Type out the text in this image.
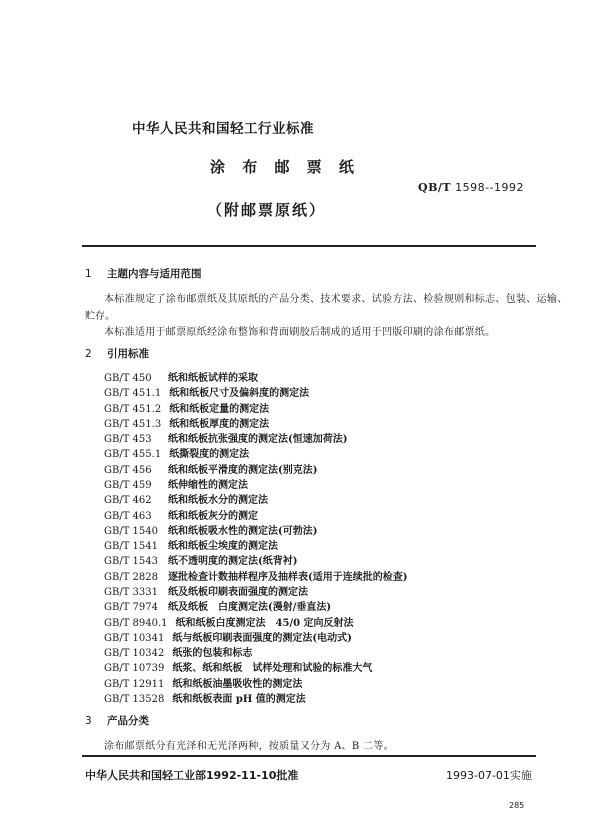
中华人民共和国轻工行业标准
涂 布 邮 票 纸
QB/T 1598--1992
（附邮票原纸）
1 主题内容与适用范围
本标准规定了涂布邮票纸及其原纸的产品分类、技术要求、试验方法、检验规则和标志、包装、运输、
贮存。
本标准适用于邮票原纸经涂布整饰和背面刷胶后制成的适用于凹版印刷的涂布邮票纸。
2 引用标准
GB/T 450 纸和纸板试样的采取
GB/T 451.1 纸和纸板尺寸及偏斜度的测定法
GB/T 451.2 纸和纸板定量的测定法
GB/T 451.3 纸和纸板厚度的测定法
GB/T 453 纸和纸板抗张强度的测定法(恒速加荷法)
GB/T 455.1 纸撕裂度的测定法
GB/T 456 纸和纸板平滑度的测定法(别克法)
GB/T 459 纸伸缩性的测定法
GB/T 462 纸和纸板水分的测定法
GB/T 463 纸和纸板灰分的测定
GB/T 1540 纸和纸板吸水性的测定法(可勃法)
GB/T 1541 纸和纸板尘埃度的测定法
GB/T 1543 纸不透明度的测定法(纸背衬)
GB/T 2828 逐批检查计数抽样程序及抽样表(适用于连续批的检查)
GB/T 3331 纸及纸板印刷表面强度的测定法
GB/T 7974 纸及纸板　白度测定法(漫射/垂直法)
GB/T 8940.1 纸和纸板白度测定法　45/0 定向反射法
GB/T 10341 纸与纸板印刷表面强度的测定法(电动式)
GB/T 10342 纸张的包装和标志
GB/T 10739 纸浆、纸和纸板　试样处理和试验的标准大气
GB/T 12911 纸和纸板油墨吸收性的测定法
GB/T 13528 纸和纸板表面 pH 值的测定法
3 产品分类
涂布邮票纸分有光泽和无光泽两种，按质量又分为 A、B 二等。
中华人民共和国轻工业部1992-11-10批准	1993-07-01实施
285
